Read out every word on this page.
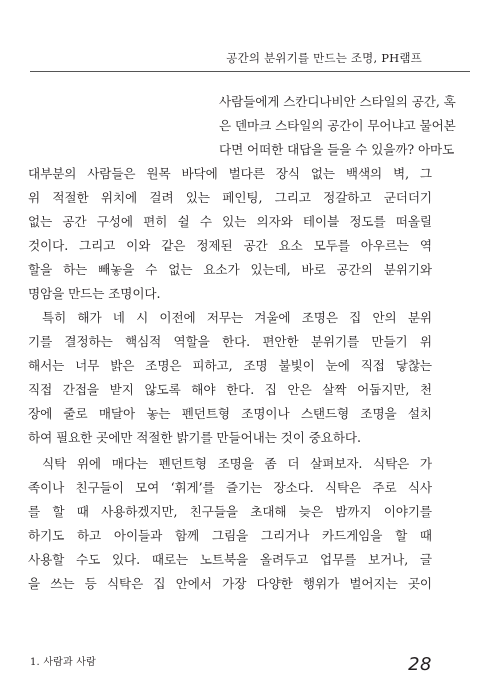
공간의 분위기를 만드는 조명, PH램프
사람들에게 스칸디나비안 스타일의 공간, 혹
은 덴마크 스타일의 공간이 무어냐고 물어본
다면 어떠한 대답을 들을 수 있을까? 아마도
대부분의 사람들은 원목 바닥에 벌다른 장식 없는 백색의 벽, 그
위 적절한 위치에 걸려 있는 페인팅, 그리고 정갈하고 군더더기
없는 공간 구성에 편히 쉴 수 있는 의자와 테이블 정도를 떠올릴
것이다. 그리고 이와 같은 정제된 공간 요소 모두를 아우르는 역
할을 하는 빼놓을 수 없는 요소가 있는데, 바로 공간의 분위기와
명암을 만드는 조명이다.
특히 해가 네 시 이전에 저무는 겨울에 조명은 집 안의 분위
기를 결정하는 핵심적 역할을 한다. 편안한 분위기를 만들기 위
해서는 너무 밝은 조명은 피하고, 조명 불빛이 눈에 직접 닿찮는
직접 간접을 받지 않도록 해야 한다. 집 안은 살짝 어둡지만, 천
장에 줄로 매달아 놓는 펜던트형 조명이나 스탠드형 조명을 설치
하여 필요한 곳에만 적절한 밝기를 만들어내는 것이 중요하다.
식탁 위에 매다는 펜던트형 조명을 좀 더 살펴보자. 식탁은 가
족이나 친구들이 모여 ‘휘게’를 즐기는 장소다. 식탁은 주로 식사
를 할 때 사용하겠지만, 친구들을 초대해 늦은 밤까지 이야기를
하기도 하고 아이들과 함께 그림을 그리거나 카드게임을 할 때
사용할 수도 있다. 때로는 노트북을 올려두고 업무를 보거나, 글
을 쓰는 등 식탁은 집 안에서 가장 다양한 행위가 벌어지는 곳이
1. 사람과 사람	28
